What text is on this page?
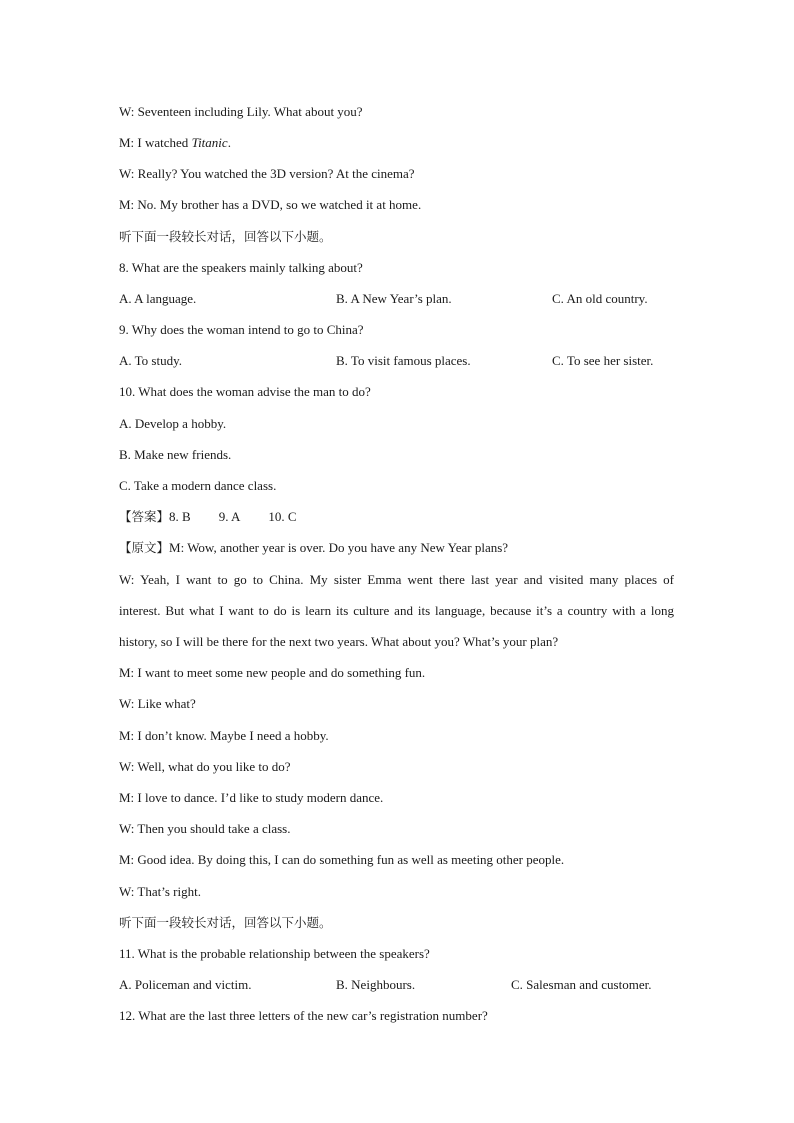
W: Seventeen including Lily. What about you?
M: I watched Titanic.
W: Really? You watched the 3D version? At the cinema?
M: No. My brother has a DVD, so we watched it at home.
听下面一段较长对话，回答以下小题。
8. What are the speakers mainly talking about?
A. A language.	B. A New Year’s plan.	C. An old country.
9. Why does the woman intend to go to China?
A. To study.	B. To visit famous places.	C. To see her sister.
10. What does the woman advise the man to do?
A. Develop a hobby.
B. Make new friends.
C. Take a modern dance class.
【答案】8. B 9. A 10. C
【原文】M: Wow, another year is over. Do you have any New Year plans?
W: Yeah, I want to go to China. My sister Emma went there last year and visited many places of
interest. But what I want to do is learn its culture and its language, because it’s a country with a long
history, so I will be there for the next two years. What about you? What’s your plan?
M: I want to meet some new people and do something fun.
W: Like what?
M: I don’t know. Maybe I need a hobby.
W: Well, what do you like to do?
M: I love to dance. I’d like to study modern dance.
W: Then you should take a class.
M: Good idea. By doing this, I can do something fun as well as meeting other people.
W: That’s right.
听下面一段较长对话，回答以下小题。
11. What is the probable relationship between the speakers?
A. Policeman and victim.	B. Neighbours.	C. Salesman and customer.
12. What are the last three letters of the new car’s registration number?
